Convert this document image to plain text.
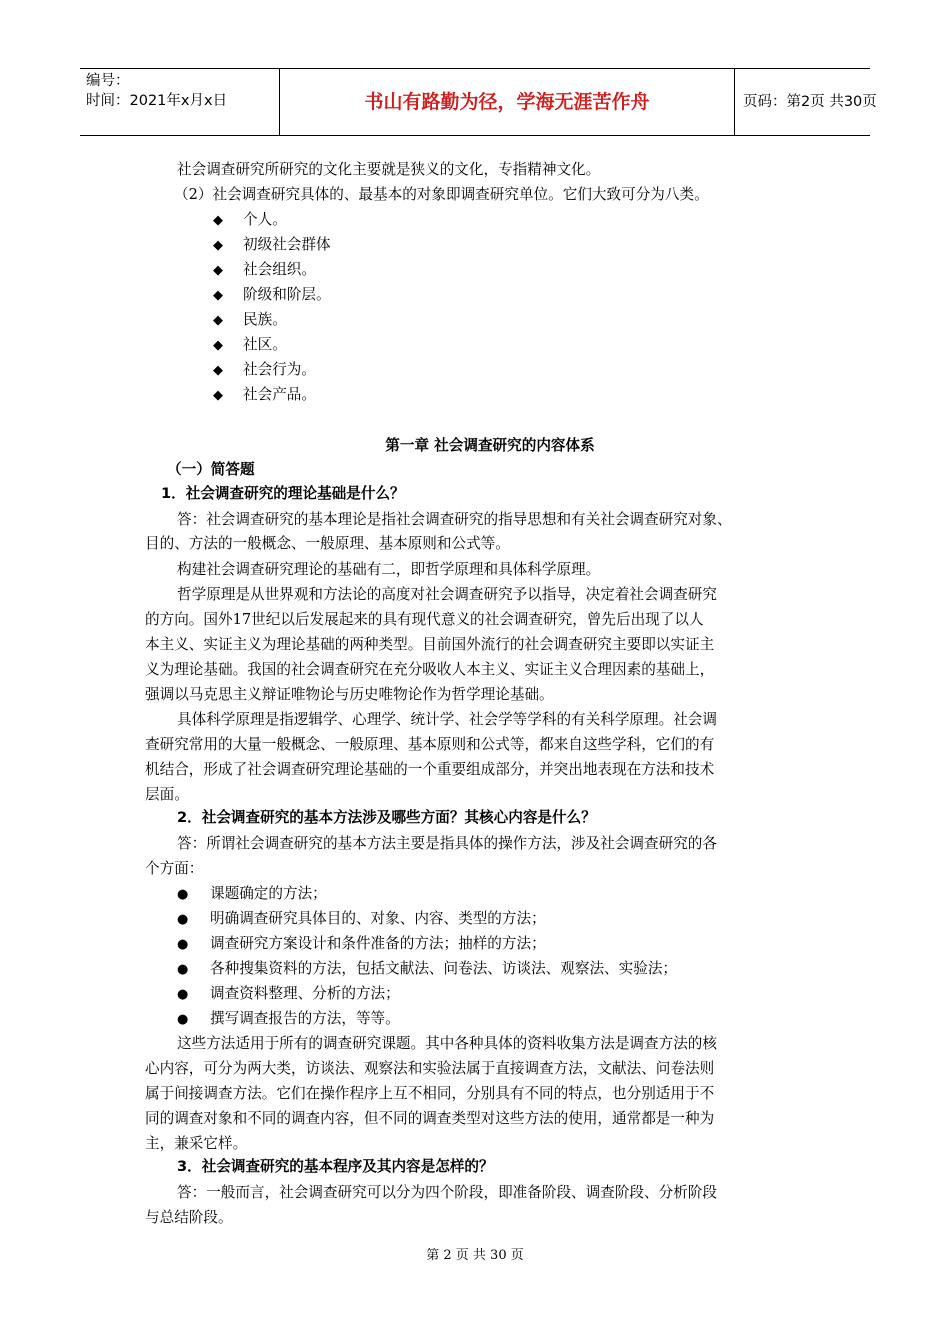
编号：
时间：2021年x月x日	书山有路勤为径，学海无涯苦作舟	页码：第2页 共30页
社会调查研究所研究的文化主要就是狭义的文化，专指精神文化。
（2）社会调查研究具体的、最基本的对象即调查研究单位。它们大致可分为八类。
◆ 个人。
◆ 初级社会群体
◆ 社会组织。
◆ 阶级和阶层。
◆ 民族。
◆ 社区。
◆ 社会行为。
◆ 社会产品。
第一章 社会调查研究的内容体系
（一）简答题
1．社会调查研究的理论基础是什么？
答：社会调查研究的基本理论是指社会调查研究的指导思想和有关社会调查研究对象、
目的、方法的一般概念、一般原理、基本原则和公式等。
构建社会调查研究理论的基础有二，即哲学原理和具体科学原理。
哲学原理是从世界观和方法论的高度对社会调查研究予以指导，决定着社会调查研究
的方向。国外17世纪以后发展起来的具有现代意义的社会调查研究，曾先后出现了以人
本主义、实证主义为理论基础的两种类型。目前国外流行的社会调查研究主要即以实证主
义为理论基础。我国的社会调查研究在充分吸收人本主义、实证主义合理因素的基础上，
强调以马克思主义辩证唯物论与历史唯物论作为哲学理论基础。
具体科学原理是指逻辑学、心理学、统计学、社会学等学科的有关科学原理。社会调
查研究常用的大量一般概念、一般原理、基本原则和公式等，都来自这些学科，它们的有
机结合，形成了社会调查研究理论基础的一个重要组成部分，并突出地表现在方法和技术
层面。
2．社会调查研究的基本方法涉及哪些方面？其核心内容是什么？
答：所谓社会调查研究的基本方法主要是指具体的操作方法，涉及社会调查研究的各
个方面：
● 课题确定的方法；
● 明确调查研究具体目的、对象、内容、类型的方法；
● 调查研究方案设计和条件准备的方法；抽样的方法；
● 各种搜集资料的方法，包括文献法、问卷法、访谈法、观察法、实验法；
● 调查资料整理、分析的方法；
● 撰写调查报告的方法，等等。
这些方法适用于所有的调查研究课题。其中各种具体的资料收集方法是调查方法的核
心内容，可分为两大类，访谈法、观察法和实验法属于直接调查方法，文献法、问卷法则
属于间接调查方法。它们在操作程序上互不相同，分别具有不同的特点，也分别适用于不
同的调查对象和不同的调查内容，但不同的调查类型对这些方法的使用，通常都是一种为
主，兼采它样。
3．社会调查研究的基本程序及其内容是怎样的？
答：一般而言，社会调查研究可以分为四个阶段，即准备阶段、调查阶段、分析阶段
与总结阶段。
第 2 页 共 30 页
